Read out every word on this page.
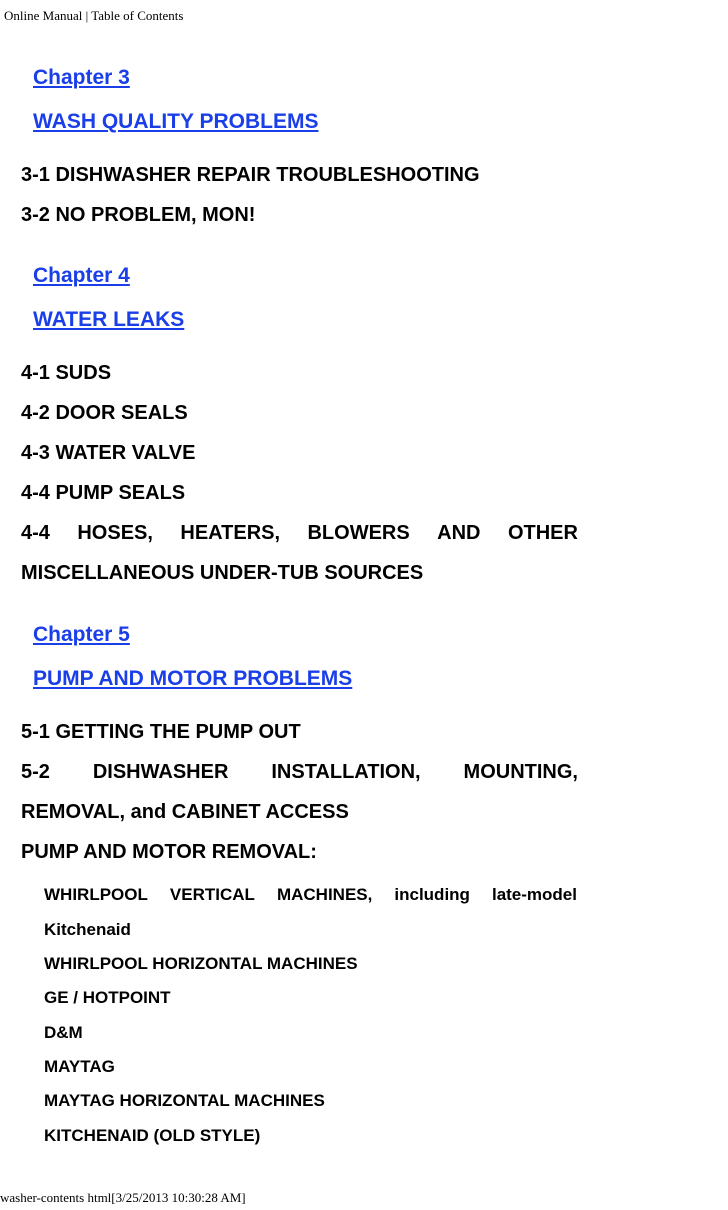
Online Manual | Table of Contents
Chapter 3
WASH QUALITY PROBLEMS
3-1 DISHWASHER REPAIR TROUBLESHOOTING
3-2 NO PROBLEM, MON!
Chapter 4
WATER LEAKS
4-1 SUDS
4-2 DOOR SEALS
4-3 WATER VALVE
4-4 PUMP SEALS
4-4 HOSES, HEATERS, BLOWERS AND OTHER
MISCELLANEOUS UNDER-TUB SOURCES
Chapter 5
PUMP AND MOTOR PROBLEMS
5-1 GETTING THE PUMP OUT
5-2 DISHWASHER INSTALLATION, MOUNTING,
REMOVAL, and CABINET ACCESS
PUMP AND MOTOR REMOVAL:
WHIRLPOOL VERTICAL MACHINES, including late-model
Kitchenaid
WHIRLPOOL HORIZONTAL MACHINES
GE / HOTPOINT
D&M
MAYTAG
MAYTAG HORIZONTAL MACHINES
KITCHENAID (OLD STYLE)
washer-contents html[3/25/2013 10:30:28 AM]
